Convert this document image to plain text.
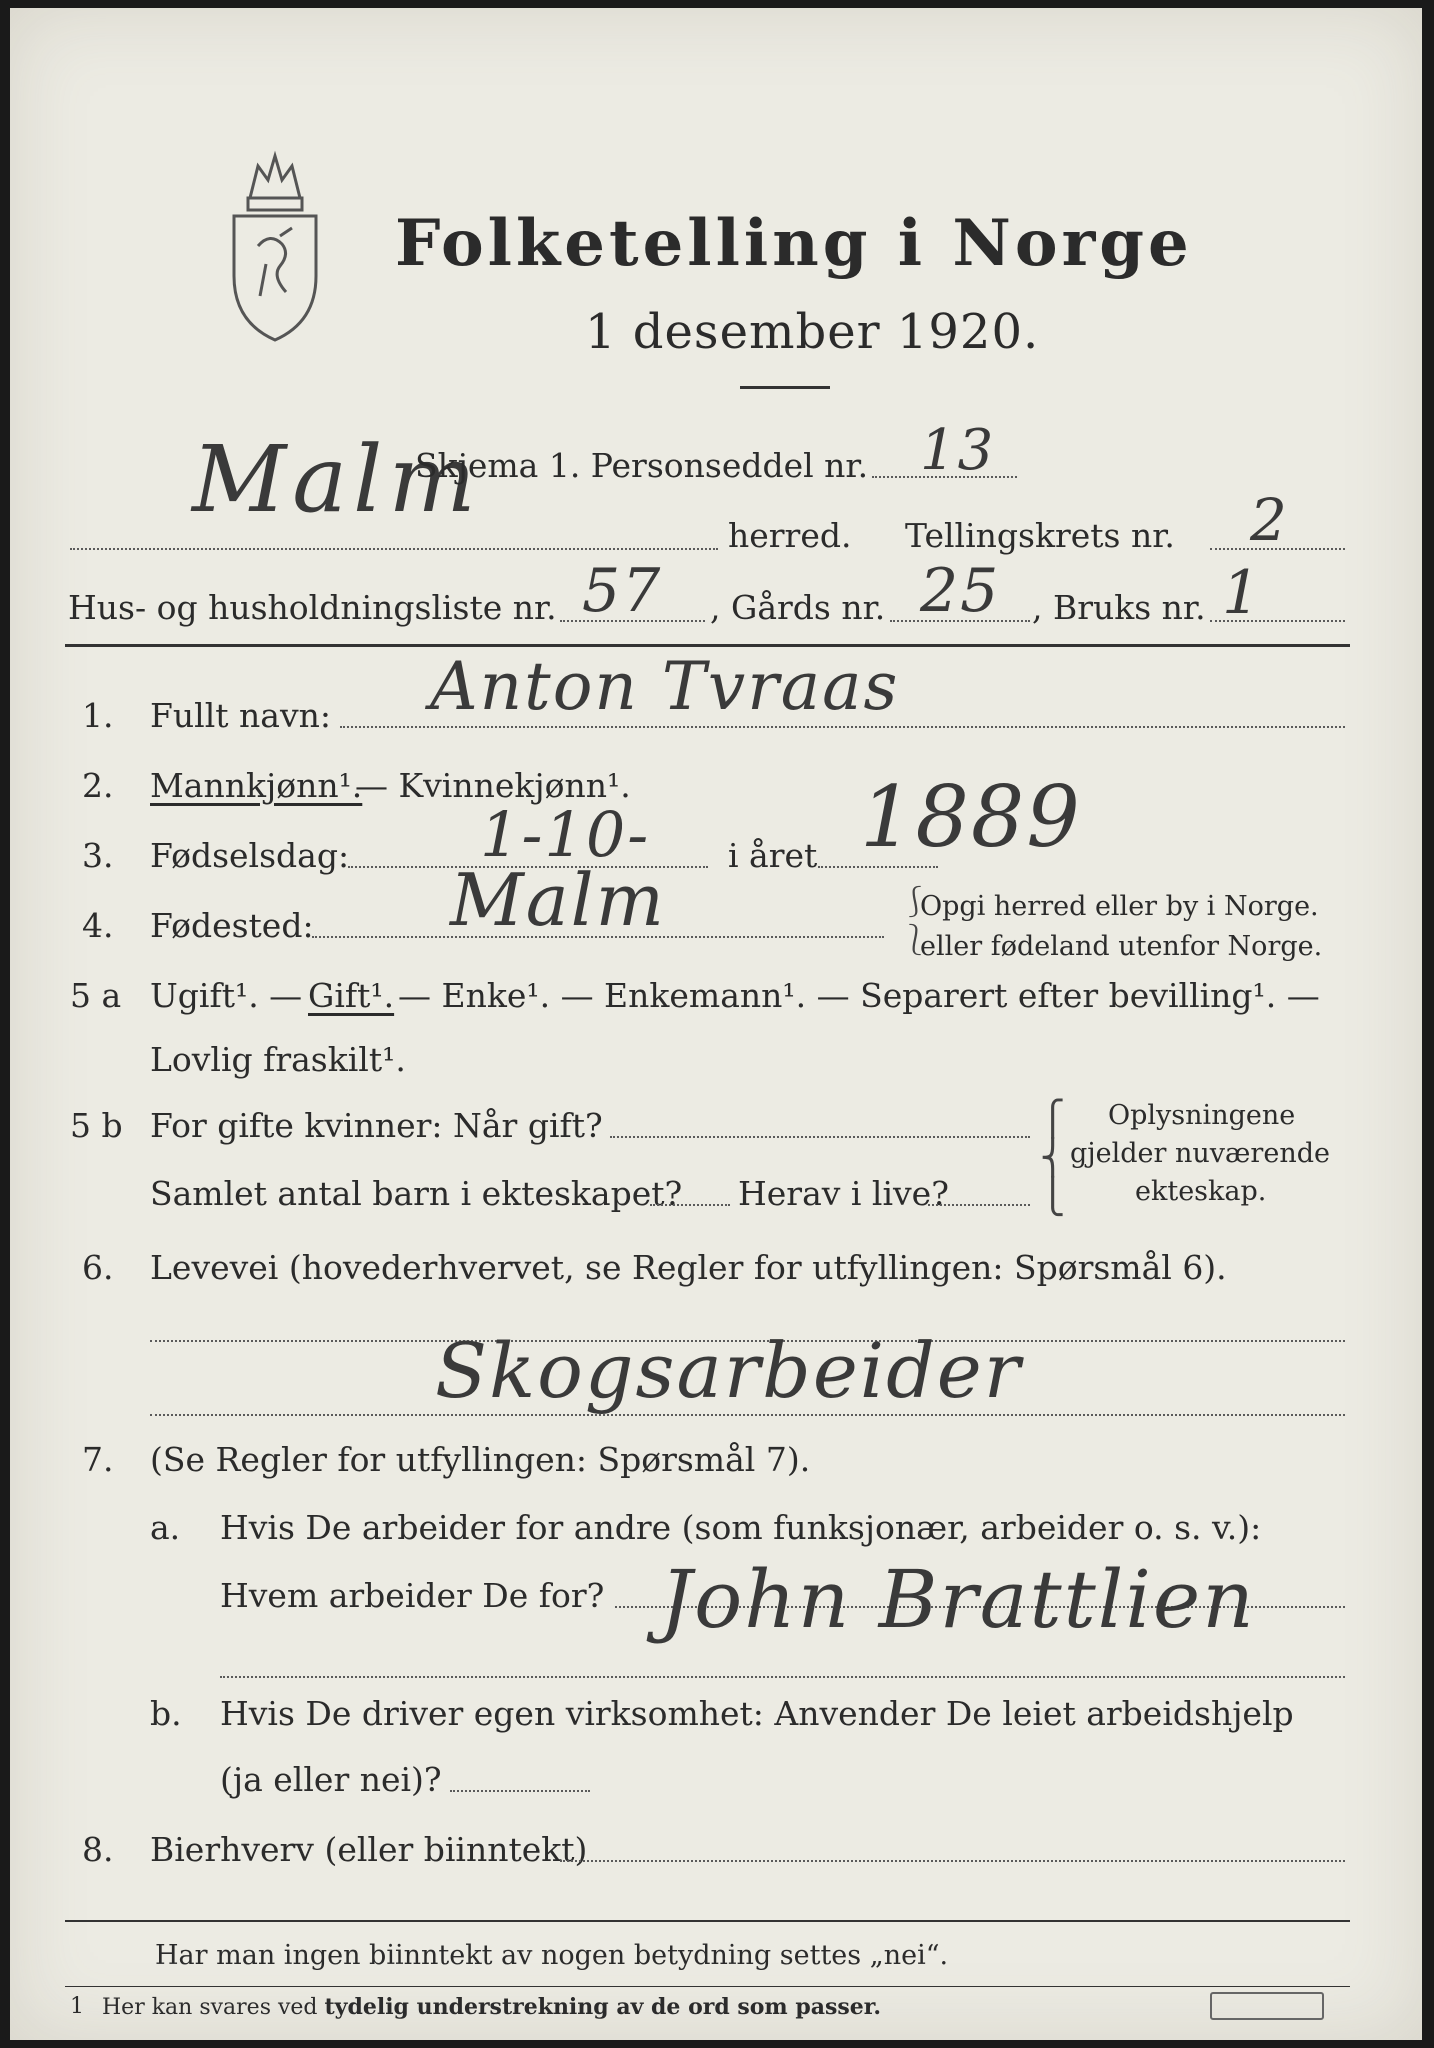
Folketelling i Norge
1 desember 1920.
Malm
Skjema 1. Personseddel nr. 13
herred. Tellingskrets nr. 2
Hus- og husholdningsliste nr. 57 , Gårds nr. 25 , Bruks nr. 1
1. Fullt navn: Anton Tvraas
2. Mannkjønn¹.
— Kvinnekjønn¹.
3. Fødselsdag: 1-10- i året 1889
4. Fødested: Malm	⎰
⎱
Opgi herred eller by i Norge.
eller fødeland utenfor Norge.
5 a Ugift¹. — Gift¹. — Enke¹. — Enkemann¹. — Separert efter bevilling¹. —
Lovlig fraskilt¹.
5 b For gifte kvinner: Når gift?
Samlet antal barn i ekteskapet? Herav i live?
⎧
⎨
⎩
Oplysningene
gjelder nuværende
ekteskap.
6. Levevei (hovederhvervet, se Regler for utfyllingen: Spørsmål 6).
Skogsarbeider
7. (Se Regler for utfyllingen: Spørsmål 7).
a. Hvis De arbeider for andre (som funksjonær, arbeider o. s. v.):
Hvem arbeider De for? John Brattlien
b. Hvis De driver egen virksomhet: Anvender De leiet arbeidshjelp
(ja eller nei)?
8. Bierhverv (eller biinntekt)
Har man ingen biinntekt av nogen betydning settes „nei“.
1 Her kan svares ved tydelig understrekning av de ord som passer.
